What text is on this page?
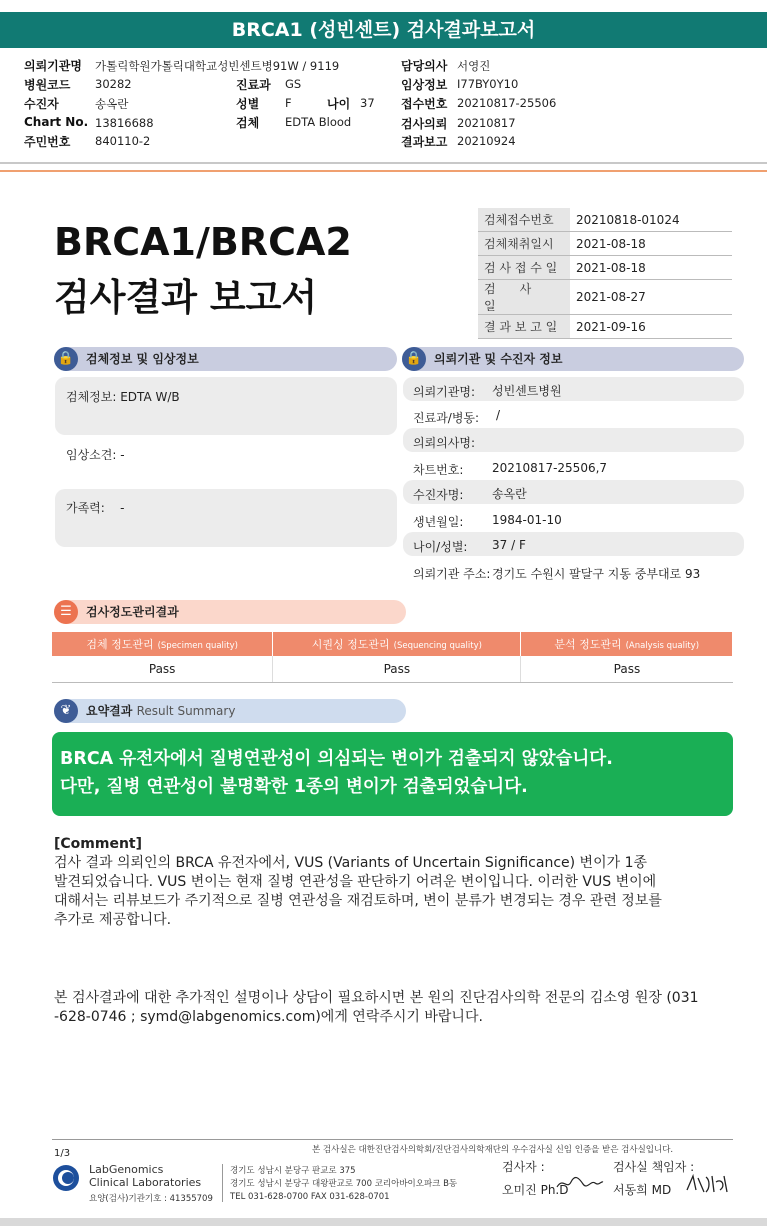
BRCA1 (성빈센트) 검사결과보고서
의뢰기관명 가톨릭학원가톨릭대학교성빈센트병91W / 9119
병원코드 30282
수진자	송옥란
Chart No. 13816688
주민번호 840110-2
진료과 GS
성별 F	나이 37
검체 EDTA Blood
담당의사 서영진
임상정보 I77BY0Y10
접수번호 20210817-25506
검사의뢰 20210817
결과보고 20210924
BRCA1/BRCA2
검사결과 보고서
검체접수번호	20210818-01024
검체채취일시	2021-08-18
검 사 접 수 일	2021-08-18
검　　사　　일	2021-08-27
결 과 보 고 일	2021-09-16
🔒 검체정보 및 임상정보
검체정보: EDTA W/B
임상소견: -
가족력:    -
🔒 의뢰기관 및 수진자 정보
의뢰기관명: 성빈센트병원
진료과/병동: /
의뢰의사명:
차트번호: 20210817-25506,7
수진자명: 송옥란
생년월일: 1984-01-10
나이/성별: 37 / F
의뢰기관 주소: 경기도 수원시 팔달구 지동 중부대로 93
☰	검사정도관리결과
검체 정도관리 (Specimen quality)	시퀀싱 정도관리 (Sequencing quality)	분석 정도관리 (Analysis quality)
Pass	Pass	Pass
❦	요약결과 Result Summary
BRCA 유전자에서 질병연관성이 의심되는 변이가 검출되지 않았습니다.
다만, 질병 연관성이 불명확한 1종의 변이가 검출되었습니다.
[Comment]
검사 결과 의뢰인의 BRCA 유전자에서, VUS (Variants of Uncertain Significance) 변이가 1종
발견되었습니다. VUS 변이는 현재 질병 연관성을 판단하기 어려운 변이입니다. 이러한 VUS 변이에
대해서는 리뷰보드가 주기적으로 질병 연관성을 재검토하며, 변이 분류가 변경되는 경우 관련 정보를
추가로 제공합니다.
본 검사결과에 대한 추가적인 설명이나 상담이 필요하시면 본 원의 진단검사의학 전문의 김소영 원장 (031
-628-0746 ; symd@labgenomics.com)에게 연락주시기 바랍니다.
본 검사실은 대한진단검사의학회/진단검사의학재단의 우수검사실 신임 인증을 받은 검사실입니다.
1/3
LabGenomics
Clinical Laboratories
요양(검사)기관기호 : 41355709
경기도 성남시 분당구 판교로 375
경기도 성남시 분당구 대왕판교로 700 코리아바이오파크 B동
TEL 031-628-0700 FAX 031-628-0701
검사자 :
오미진 Ph.D
검사실 책임자 :
서동희 MD
